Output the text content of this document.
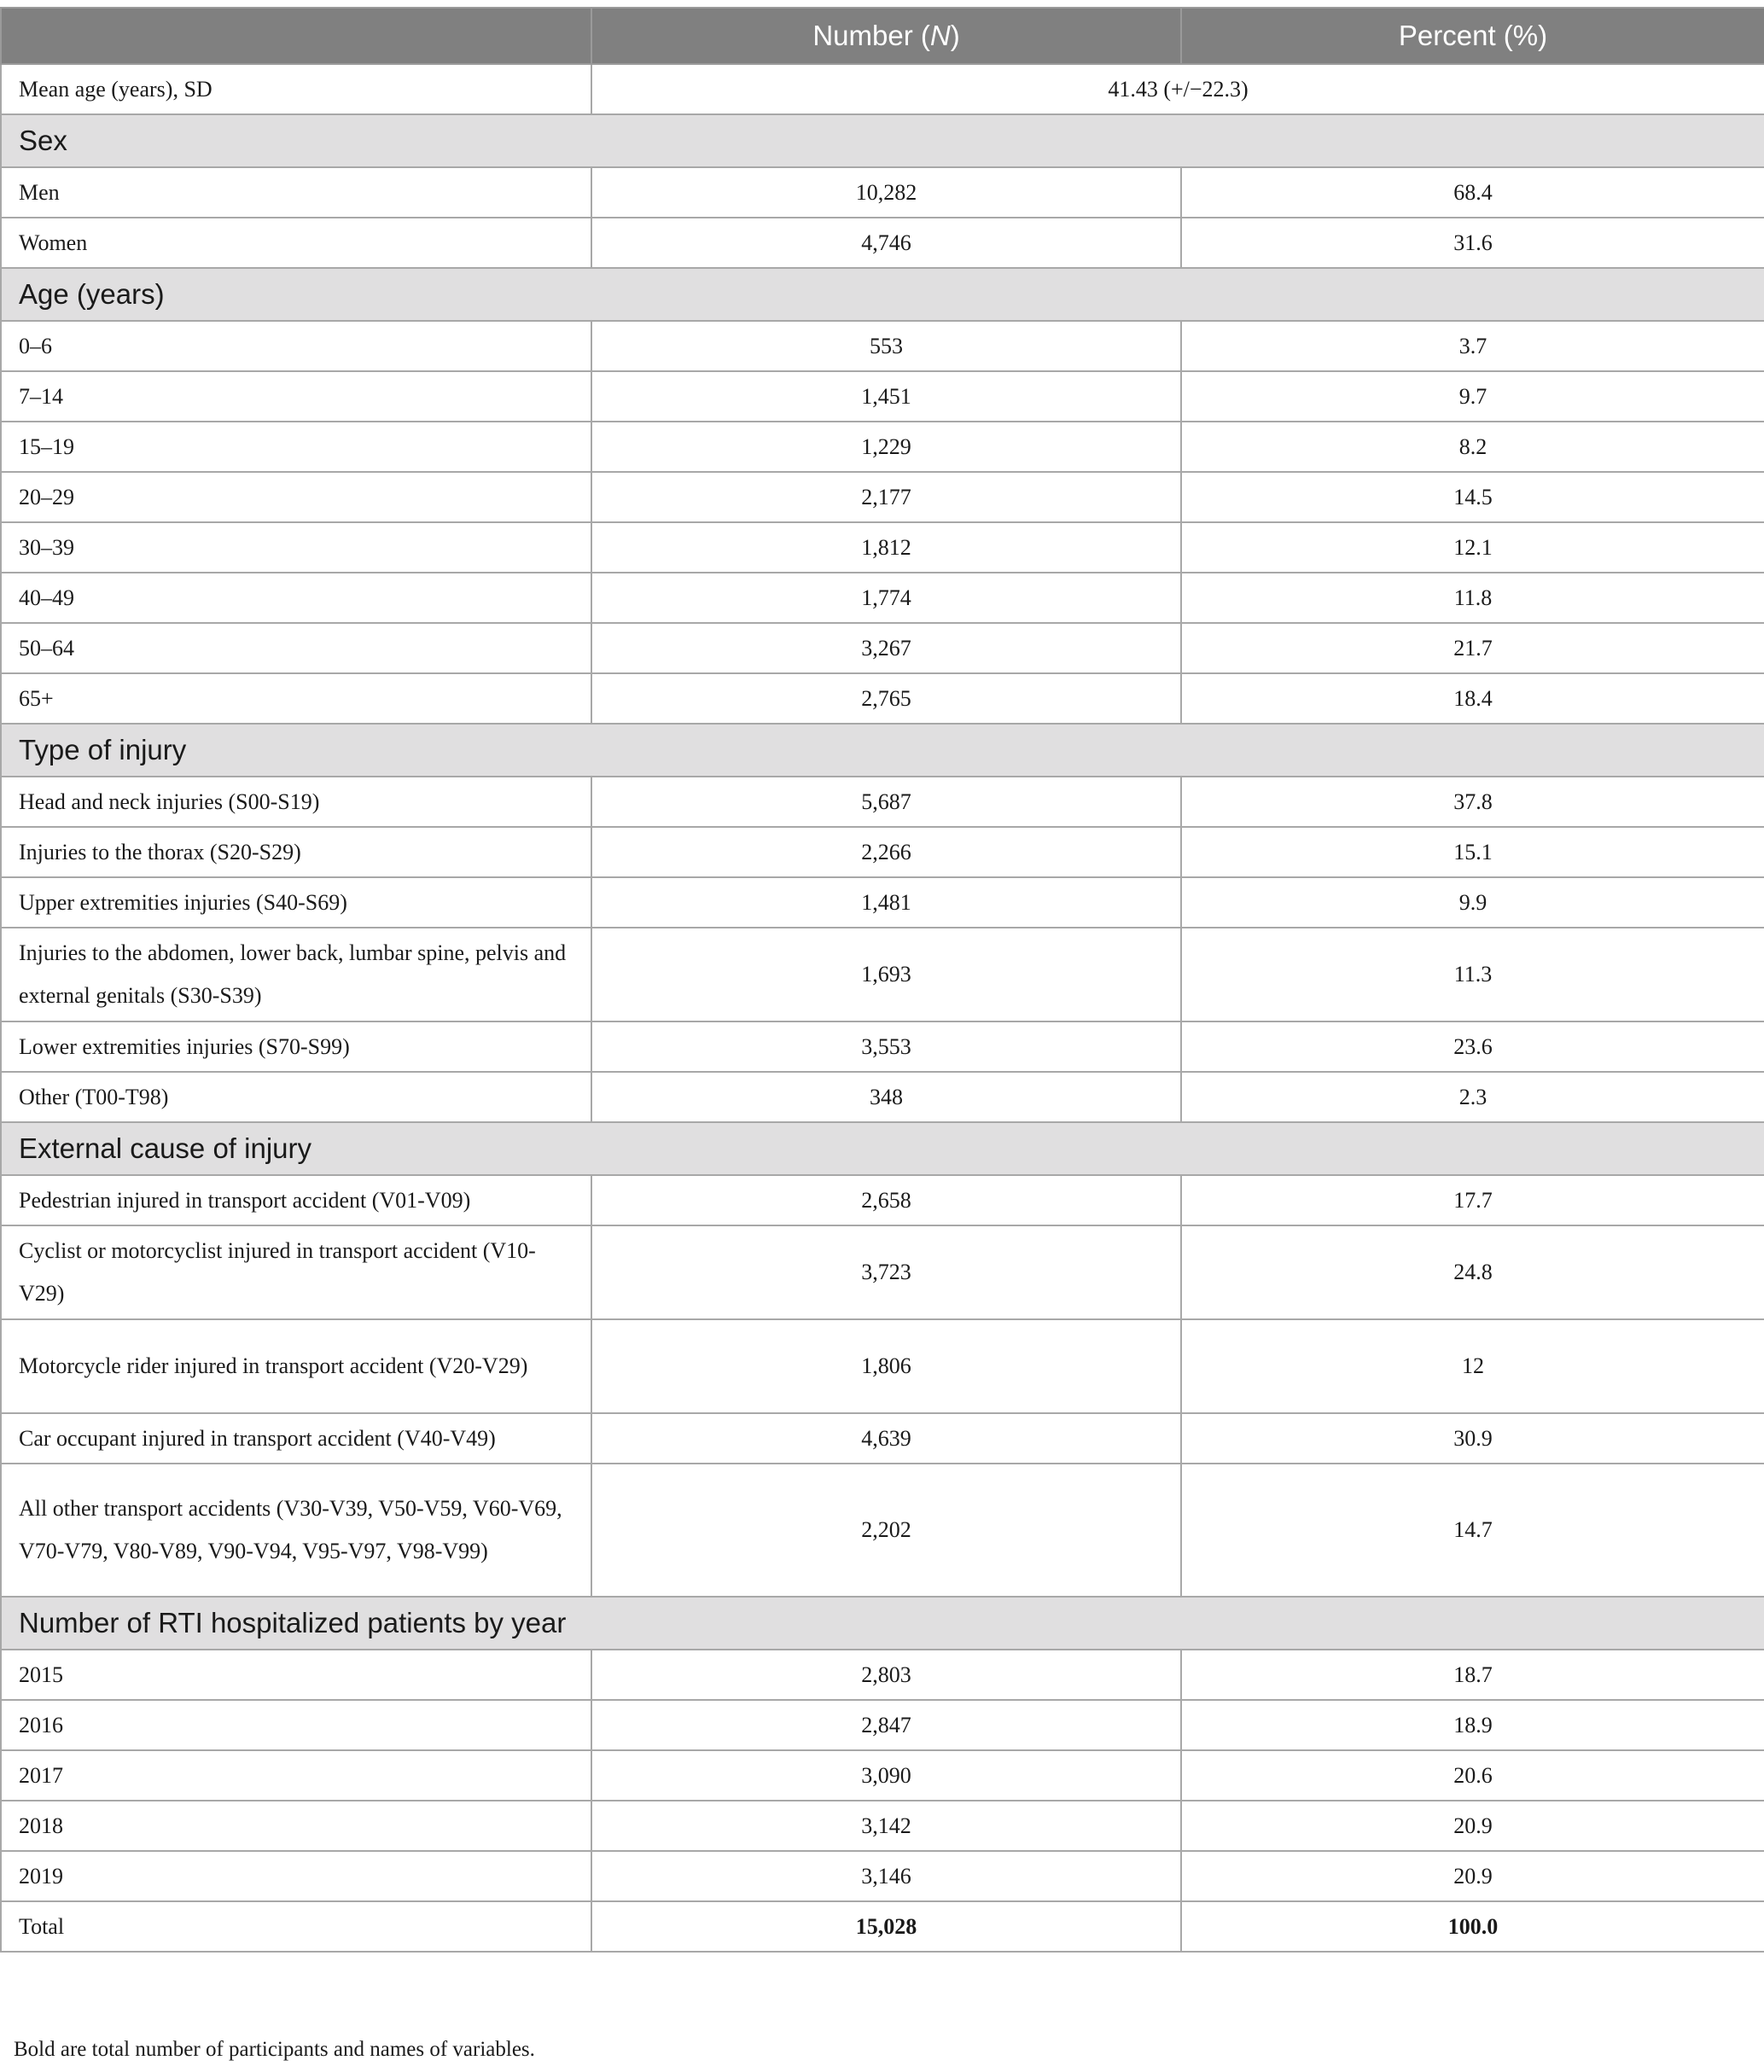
	Number (N)	Percent (%)
Mean age (years), SD	41.43 (+/−22.3)	
Sex		
Men	10,282	68.4
Women	4,746	31.6
Age (years)		
0–6	553	3.7
7–14	1,451	9.7
15–19	1,229	8.2
20–29	2,177	14.5
30–39	1,812	12.1
40–49	1,774	11.8
50–64	3,267	21.7
65+	2,765	18.4
Type of injury		
Head and neck injuries (S00-S19)	5,687	37.8
Injuries to the thorax (S20-S29)	2,266	15.1
Upper extremities injuries (S40-S69)	1,481	9.9
Injuries to the abdomen, lower back, lumbar spine, pelvis and external genitals (S30-S39)	1,693	11.3
Lower extremities injuries (S70-S99)	3,553	23.6
Other (T00-T98)	348	2.3
External cause of injury		
Pedestrian injured in transport accident (V01-V09)	2,658	17.7
Cyclist or motorcyclist injured in transport accident (V10-V29)	3,723	24.8
Motorcycle rider injured in transport accident (V20-V29)	1,806	12
Car occupant injured in transport accident (V40-V49)	4,639	30.9
All other transport accidents (V30-V39, V50-V59, V60-V69, V70-V79, V80-V89, V90-V94, V95-V97, V98-V99)	2,202	14.7
Number of RTI hospitalized patients by year		
2015	2,803	18.7
2016	2,847	18.9
2017	3,090	20.6
2018	3,142	20.9
2019	3,146	20.9
Total	15,028	100.0
Bold are total number of participants and names of variables.
